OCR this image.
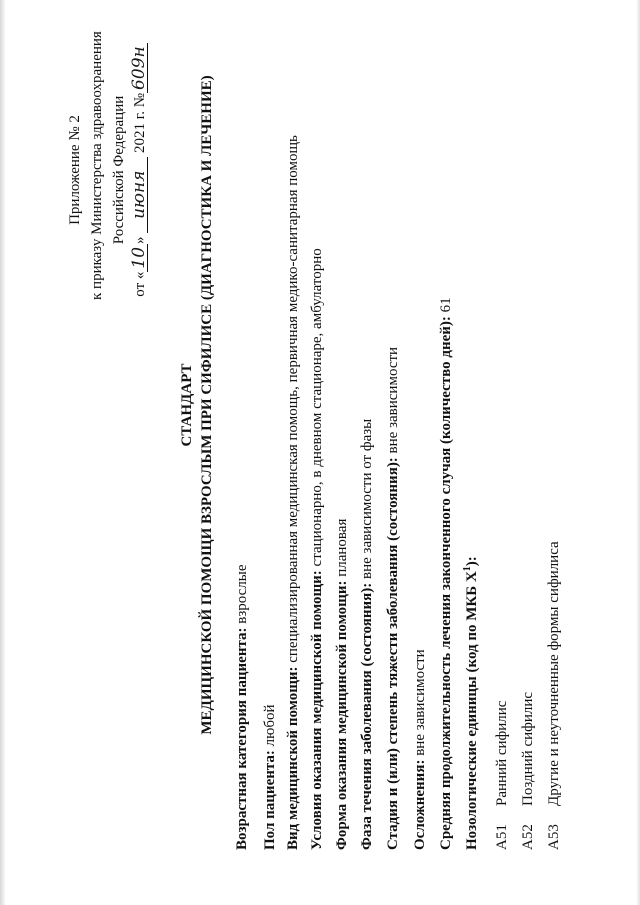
Приложение № 2 к приказу Министерства здравоохранения Российской Федерации
от «10» июня 2021 г. №609н
СТАНДАРТ МЕДИЦИНСКОЙ ПОМОЩИ ВЗРОСЛЫМ ПРИ СИФИЛИСЕ (ДИАГНОСТИКА И ЛЕЧЕНИЕ)
Возрастная категория пациента: взрослые
Пол пациента: любой Вид медицинской помощи: специализированная медицинская помощь, первичная медико-санитарная помощь
Условия оказания медицинской помощи: стационарно, в дневном стационаре, амбулаторно
Форма оказания медицинской помощи: плановая
Фаза течения заболевания (состояния): вне зависимости от фазы Стадия и (или) степень тяжести заболевания (состояния): вне зависимости
Осложнения: вне зависимости Средняя продолжительность лечения законченного случая (количество дней): 61
Нозологические единицы (код по МКБ $X^1$):
A51Ранний сифилис
A52Поздний сифилис
A53Другие и неуточненные формы сифилиса
